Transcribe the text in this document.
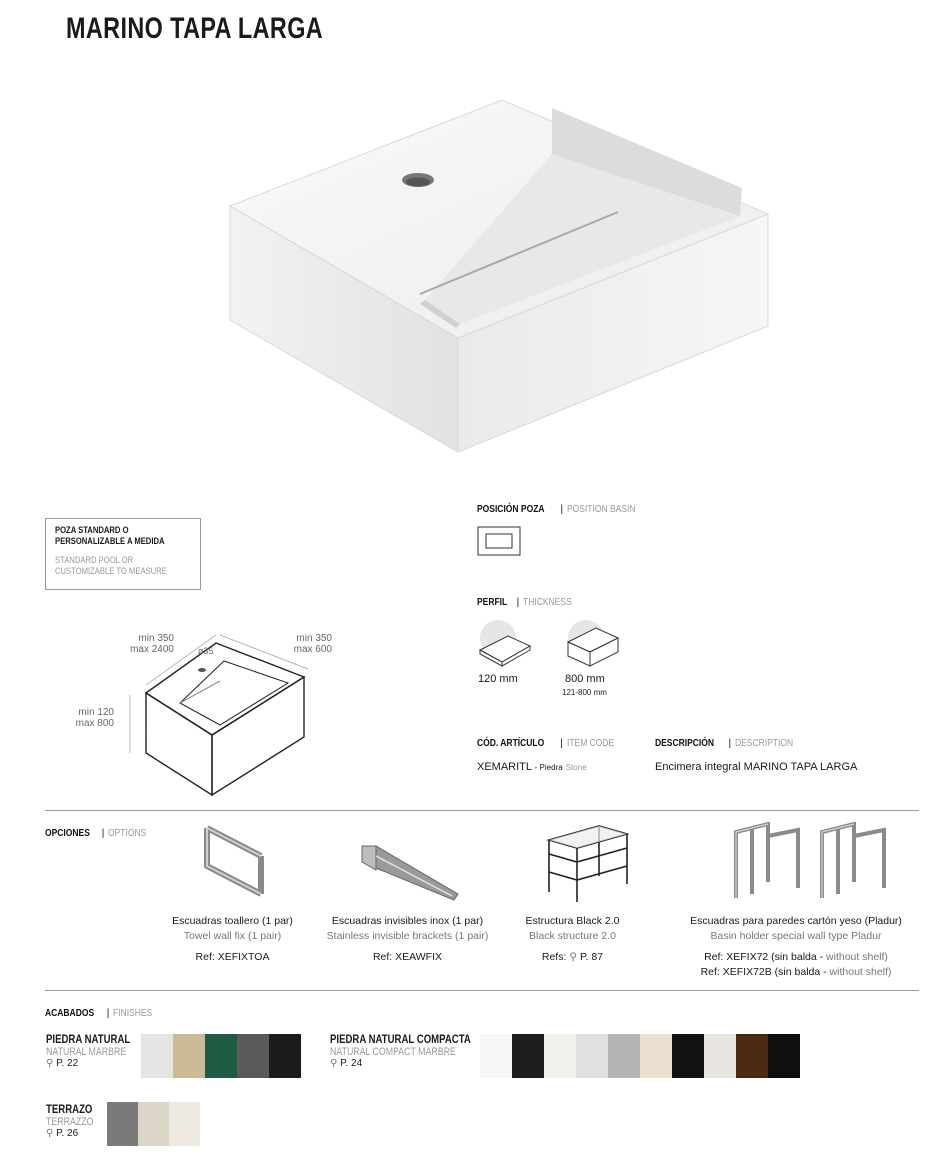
MARINO TAPA LARGA
POZA STANDARD O PERSONALIZABLE A MEDIDA
STANDARD POOL OR CUSTOMIZABLE TO MEASURE
min 350
max 2400
min 350
max 600
min 120
max 800
ø35
POSICIÓN POZA | POSITION BASIN
PERFIL | THICKNESS
120 mm	800 mm
121-800 mm
CÓD. ARTÍCULO | ITEM CODE
XEMARITL - Piedra Stone
DESCRIPCIÓN | DESCRIPTION
Encimera integral MARINO TAPA LARGA
OPCIONES | OPTIONS
Escuadras toallero (1 par)
Towel wall fix (1 pair)
Ref: XEFIXTOA
Escuadras invisibles inox (1 par)
Stainless invisible brackets (1 pair)
Ref: XEAWFIX
Estructura Black 2.0
Black structure 2.0
Refs: ⚲ P. 87
Escuadras para paredes cartón yeso (Pladur)
Basin holder special wall type Pladur
Ref: XEFIX72 (sin balda - without shelf)
Ref: XEFIX72B (sin balda - without shelf)
ACABADOS | FINISHES
PIEDRA NATURAL
NATURAL MARBRE
⚲ P. 22
PIEDRA NATURAL COMPACTA
NATURAL COMPACT MARBRE
⚲ P. 24
TERRAZO
TERRAZZO
⚲ P. 26
